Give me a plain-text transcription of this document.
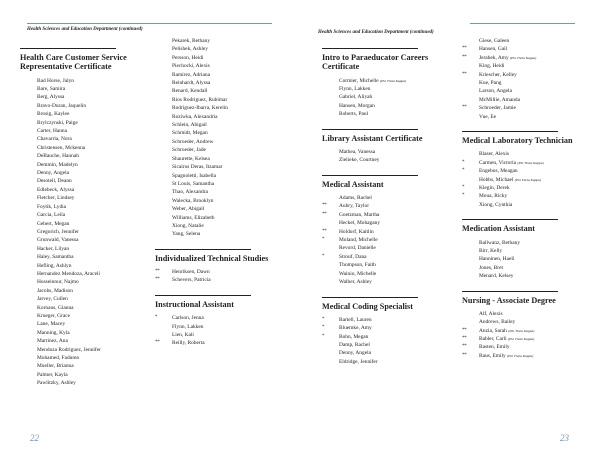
Health Sciences and Education Department (continued)
Health Care Customer Service Representative Certificate
Bad Horse, Jalyn
Bare, Samira
Berg, Alyssa
Bravo-Duran, Jaquelin
Brosig, Kaylee
Brylczynski, Paige
Carter, Hanna
Chavarria, Nora
Christensen, Mckenna
DeBauche, Hannah
Demmin, Madelyn
Denny, Angela
Desotell, Deann
Edlebeck, Alyssa
Fletcher, Lindsey
Foytik, Lydia
Garcia, Leila
Gebert, Megan
Gregorich, Jennifer
Grunwald, Vanessa
Hacker, Lilyan
Haley, Samantha
Hefling, Ashlyn
Hernandez Mendoza, Araceli
Husseinnur, Najmo
Jacobs, Madison
Jarvey, Cullen
Kornaus, Gianna
Krueger, Grace
Lane, Macey
Manning, Kyla
Martinez, Ana
Mendoza Rodriguez, Jennifer
Mohamed, Fadumo
Mueller, Brianna
Palmer, Kayla
Pawlitzky, Ashley
Pekarek, Bethany
Pelishek, Ashley
Persson, Heidi
Piechocki, Alexis
Ramirez, Adriana
Reinhardt, Alyssa
Renard, Kendall
Rios Rodriguez, Rubimar
Rodriguez-Ibarra, Kerelin
Roziwka, Alexandria
Schlein, Abigail
Schmidt, Megan
Schroeder, Andrew
Schroeder, Jade
Shaurette, Kelsea
Sicairos Deras, Itzamar
Spagnoletti, Isabella
St Louis, Samantha
Thao, Alexandra
Walecka, Brooklyn
Weber, Abigail
Williams, Elizabeth
Xiong, Natalie
Yang, Selena
Individualized Technical Studies
**	Henriksen, Dawn
**	Schevers, Patricia
Instructional Assistant
*	Carlson, Jenna
Flynn, Lakken
Lien, Kali
**	Reilly, Roberta
22
Health Sciences and Education Department (continued)
Intro to Paraeducator Careers Certificate
Cormier, Michelle (Phi Theta Kappa)
Flynn, Lakken
Gabriel, Aliyah
Hansen, Morgan
Roberts, Paul
Library Assistant Certificate
Mathea, Vanessa
Zielieke, Courtney
Medical Assistant
Adams, Rachel
**	Aubry, Taylor
**	Goetzman, Martha
Heckel, Mohagany
**	Holdorf, Kaitlin
*	Moland, Michelle
Revord, Danielle
*	Strouf, Dana
Thompson, Faith
Wainio, Michelle
Walber, Ashley
Medical Coding Specialist
*	Bartell, Lauren
*	Bluemke, Amy
*	Bohn, Megan
Damp, Rachel
Denny, Angela
Eldridge, Jennifer
Giese, Galeen
**	Hansen, Gail
**	Jerabek, Amy (Phi Theta Kappa)
King, Heidi
**	Kriescher, Kelley
Kue, Pang
Larson, Angela
McMillie, Amanda
**	Schroeder, Jamie
Vue, Ee
Medical Laboratory Technician
Blaser, Alexis
*	Carmen, Victoria (Phi Theta Kappa)
*	Engebos, Meagan
Hobbs, Michael (Phi Theta Kappa)
*	Klegin, Derek
*	Moua, Ricky
Xiong, Cynthia
Medication Assistant
Ballwanz, Bethany
Birr, Kelly
Hanninen, Haeli
Jones, Bret
Menard, Kelsey
Nursing - Associate Degree
Alf, Alexis
Andrews, Bailey
**	Anzia, Sarah (Phi Theta Kappa)
**	Babler, Carli (Phi Theta Kappa)
**	Basten, Emily
**	Baus, Emily (Phi Theta Kappa)
23
